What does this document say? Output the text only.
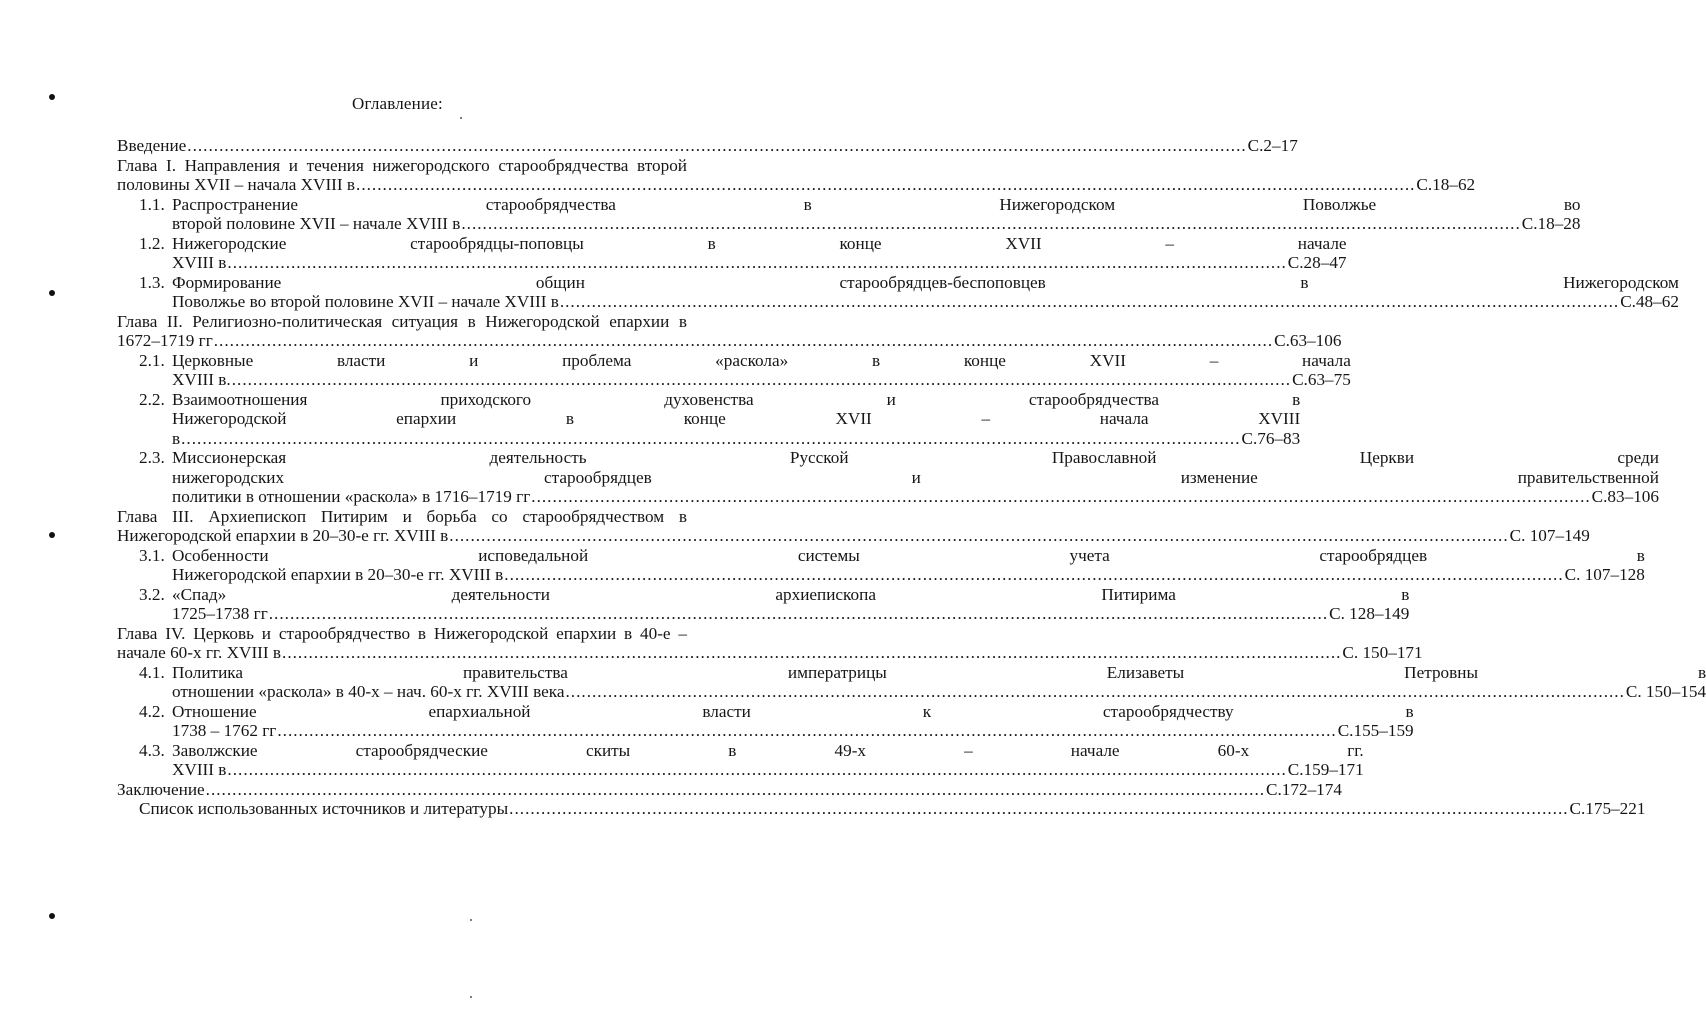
Оглавление:
Введение ........................................................................................................................................................................................................ С.2–17
Глава I. Направления и течения нижегородского старообрядчества второй
половины XVII – начала XVIII в ........................................................................................................................................................................................................ С.18–62
1.1. Распространение старообрядчества в Нижегородском Поволжье во
второй половине XVII – начале XVIII в ........................................................................................................................................................................................................ С.18–28
1.2. Нижегородские старообрядцы-поповцы в конце XVII – начале
XVIII в ........................................................................................................................................................................................................ С.28–47
1.3. Формирование общин старообрядцев-беспоповцев в Нижегородском
Поволжье во второй половине XVII – начале XVIII в ........................................................................................................................................................................................................ С.48–62
Глава II. Религиозно-политическая ситуация в Нижегородской епархии в
1672–1719 гг ........................................................................................................................................................................................................ С.63–106
2.1. Церковные власти и проблема «раскола» в конце XVII – начала
XVIII в. ........................................................................................................................................................................................................ С.63–75
2.2. Взаимоотношения приходского духовенства и старообрядчества в
Нижегородской епархии в конце XVII – начала XVIII
в ........................................................................................................................................................................................................ С.76–83
2.3. Миссионерская деятельность Русской Православной Церкви среди
нижегородских старообрядцев и изменение правительственной
политики в отношении «раскола» в 1716–1719 гг ........................................................................................................................................................................................................ С.83–106
Глава III. Архиепископ Питирим и борьба со старообрядчеством в
Нижегородской епархии в 20–30-е гг. XVIII в ........................................................................................................................................................................................................ С. 107–149
3.1. Особенности исповедальной системы учета старообрядцев в
Нижегородской епархии в 20–30-е гг. XVIII в ........................................................................................................................................................................................................ С. 107–128
3.2. «Спад» деятельности архиепископа Питирима в
1725–1738 гг ........................................................................................................................................................................................................ С. 128–149
Глава IV. Церковь и старообрядчество в Нижегородской епархии в 40-е –
начале 60-х гг. XVIII в ........................................................................................................................................................................................................ С. 150–171
4.1. Политика правительства императрицы Елизаветы Петровны в
отношении «раскола» в 40-х – нач. 60-х гг. XVIII века ........................................................................................................................................................................................................ С. 150–154
4.2. Отношение епархиальной власти к старообрядчеству в
1738 – 1762 гг ........................................................................................................................................................................................................ С.155–159
4.3. Заволжские старообрядческие скиты в 49-х – начале 60-х гг.
XVIII в ........................................................................................................................................................................................................ С.159–171
Заключение ........................................................................................................................................................................................................ С.172–174
Список использованных источников и литературы ........................................................................................................................................................................................................ С.175–221
